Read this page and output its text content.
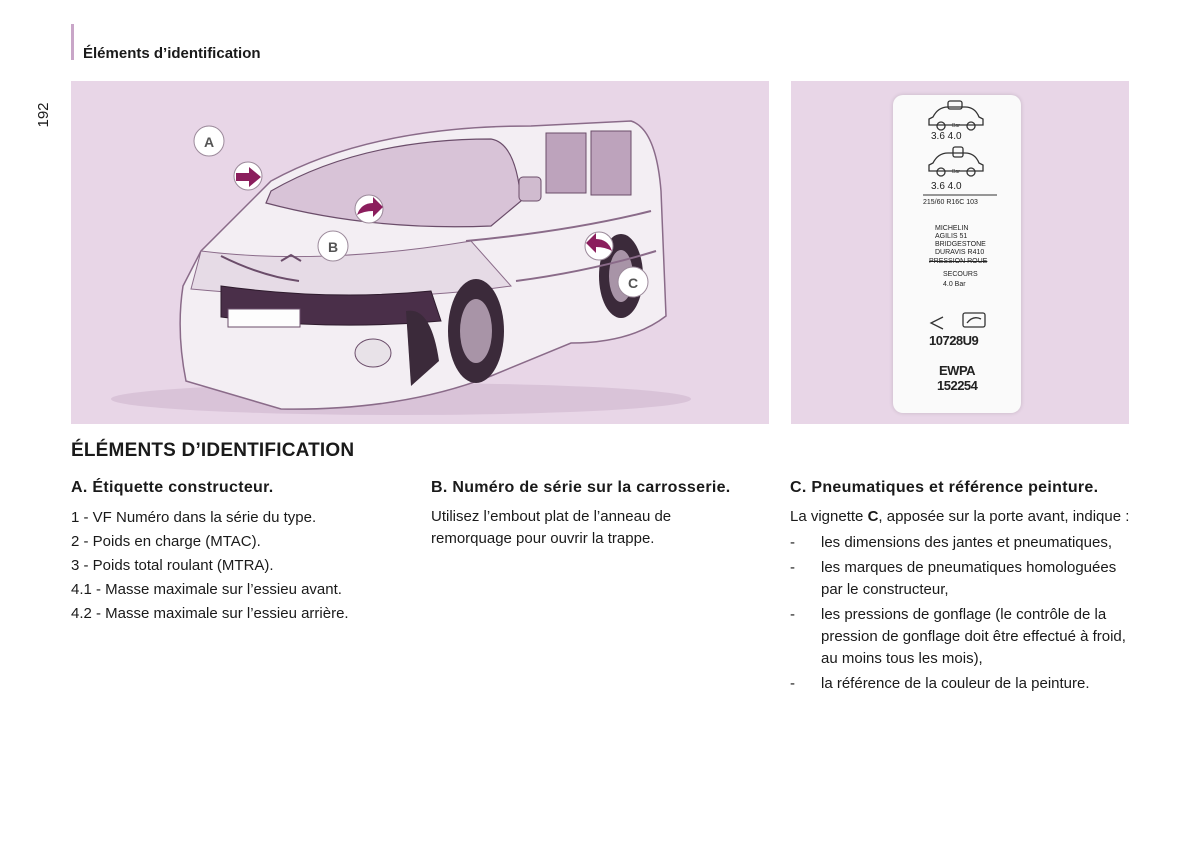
Éléments d’identification
192
A
B
C
Bar
Bar
3.6 4.0
3.6 4.0
215/60 R16C 103
MICHELIN
AGILIS 51
BRIDGESTONE
DURAVIS R410
PRESSION ROUE
SECOURS
4.0 Bar
10728U9
EWPA
152254
ÉLÉMENTS D’IDENTIFICATION
A. Étiquette constructeur.

1 - VF Numéro dans la série du type.

2 - Poids en charge (MTAC).

3 - Poids total roulant (MTRA).

4.1 - Masse maximale sur l’essieu avant.

4.2 - Masse maximale sur l’essieu arrière.

B. Numéro de série sur la carrosserie.

Utilisez l’embout plat de l’anneau de remorquage pour ouvrir la trappe.

C. Pneumatiques et référence peinture.

La vignette C, apposée sur la porte avant, indique :

- les dimensions des jantes et pneumatiques,
- les marques de pneumatiques homologuées par le constructeur,
- les pressions de gonflage (le contrôle de la pression de gonflage doit être effectué à froid, au moins tous les mois),
- la référence de la couleur de la peinture.
